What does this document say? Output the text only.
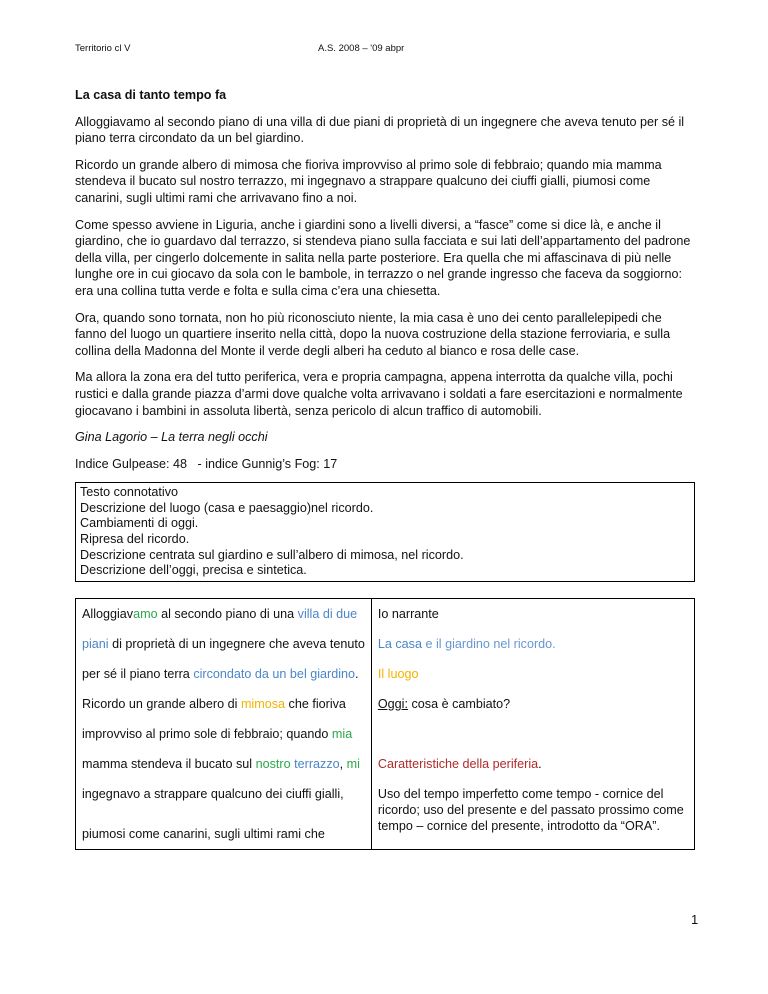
Territorio cl V	A.S. 2008 – '09 abpr
La casa di tanto tempo fa
Alloggiavamo al secondo piano di una villa di due piani di proprietà di un ingegnere che aveva tenuto per sé il piano terra circondato da un bel giardino.
Ricordo un grande albero di mimosa che fioriva improvviso al primo sole di febbraio; quando mia mamma stendeva il bucato sul nostro terrazzo, mi ingegnavo a strappare qualcuno dei ciuffi gialli, piumosi come canarini, sugli ultimi rami che arrivavano fino a noi.
Come spesso avviene in Liguria, anche i giardini sono a livelli diversi, a “fasce” come si dice là, e anche il giardino, che io guardavo dal terrazzo, si stendeva piano sulla facciata e sui lati dell’appartamento del padrone della villa, per cingerlo dolcemente in salita nella parte posteriore. Era quella che mi affascinava di più nelle lunghe ore in cui giocavo da sola con le bambole, in terrazzo o nel grande ingresso che faceva da soggiorno: era una collina tutta verde e folta e sulla cima c’era una chiesetta.
Ora, quando sono tornata, non ho più riconosciuto niente, la mia casa è uno dei cento parallelepipedi che fanno del luogo un quartiere inserito nella città, dopo la nuova costruzione della stazione ferroviaria, e sulla collina della Madonna del Monte il verde degli alberi ha ceduto al bianco e rosa delle case.
Ma allora la zona era del tutto periferica, vera e propria campagna, appena interrotta da qualche villa, pochi rustici e dalla grande piazza d’armi dove qualche volta arrivavano i soldati a fare esercitazioni e normalmente giocavano i bambini in assoluta libertà, senza pericolo di alcun traffico di automobili.
Gina Lagorio – La terra negli occhi
Indice Gulpease: 48   - indice Gunnig’s Fog: 17
Testo connotativo
Descrizione del luogo (casa e paesaggio)nel ricordo.
Cambiamenti di oggi.
Ripresa del ricordo.
Descrizione centrata sul giardino e sull’albero di mimosa, nel ricordo.
Descrizione dell’oggi, precisa e sintetica.
Alloggiavamo al secondo piano di una villa di due	Io narrante
piani di proprietà di un ingegnere che aveva tenuto	La casa e il giardino nel ricordo.
per sé il piano terra circondato da un bel giardino.	Il luogo
Ricordo un grande albero di mimosa che fioriva	Oggi: cosa è cambiato?
improvviso al primo sole di febbraio; quando mia	
mamma stendeva il bucato sul nostro terrazzo, mi	Caratteristiche della periferia.

ingegnavo a strappare qualcuno dei ciuffi gialli,
piumosi come canarini, sugli ultimi rami che	Uso del tempo imperfetto come tempo - cornice del ricordo; uso del presente e del passato prossimo come tempo – cornice del presente, introdotto da “ORA”.
1
